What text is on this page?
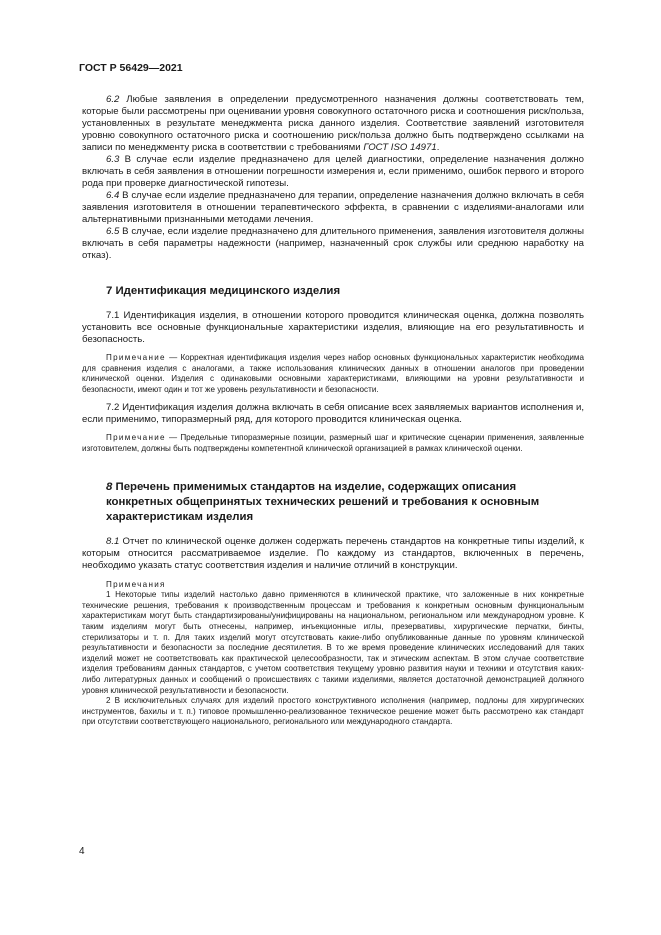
ГОСТ Р 56429—2021

6.2 Любые заявления в определении предусмотренного назначения должны соответствовать тем, которые были рассмотрены при оценивании уровня совокупного остаточного риска и соотношения риск/польза, установленных в результате менеджмента риска данного изделия. Соответствие заявлений изготовителя уровню совокупного остаточного риска и соотношению риск/польза должно быть подтверждено ссылками на записи по менеджменту риска в соответствии с требованиями ГОСТ ISO 14971.

6.3 В случае если изделие предназначено для целей диагностики, определение назначения должно включать в себя заявления в отношении погрешности измерения и, если применимо, ошибок первого и второго рода при проверке диагностической гипотезы.

6.4 В случае если изделие предназначено для терапии, определение назначения должно включать в себя заявления изготовителя в отношении терапевтического эффекта, в сравнении с изделиями-аналогами или альтернативными признанными методами лечения.

6.5 В случае, если изделие предназначено для длительного применения, заявления изготовителя должны включать в себя параметры надежности (например, назначенный срок службы или среднюю наработку на отказ).

7 Идентификация медицинского изделия

7.1 Идентификация изделия, в отношении которого проводится клиническая оценка, должна позволять установить все основные функциональные характеристики изделия, влияющие на его результативность и безопасность.

Примечание — Корректная идентификация изделия через набор основных функциональных характеристик необходима для сравнения изделия с аналогами, а также использования клинических данных в отношении аналогов при проведении клинической оценки. Изделия с одинаковыми основными характеристиками, влияющими на уровни результативности и безопасности, имеют один и тот же уровень результативности и безопасности.

7.2 Идентификация изделия должна включать в себя описание всех заявляемых вариантов исполнения и, если применимо, типоразмерный ряд, для которого проводится клиническая оценка.

Примечание — Предельные типоразмерные позиции, размерный шаг и критические сценарии применения, заявленные изготовителем, должны быть подтверждены компетентной клинической организацией в рамках клинической оценки.

8 Перечень применимых стандартов на изделие, содержащих описания

конкретных общепринятых технических решений и требования к основным

характеристикам изделия

8.1 Отчет по клинической оценке должен содержать перечень стандартов на конкретные типы изделий, к которым относится рассматриваемое изделие. По каждому из стандартов, включенных в перечень, необходимо указать статус соответствия изделия и наличие отличий в конструкции.

Примечания

1 Некоторые типы изделий настолько давно применяются в клинической практике, что заложенные в них конкретные технические решения, требования к производственным процессам и требования к конкретным основным функциональным характеристикам могут быть стандартизированы/унифицированы на национальном, региональном или международном уровне. К таким изделиям могут быть отнесены, например, инъекционные иглы, презервативы, хирургические перчатки, бинты, стерилизаторы и т. п. Для таких изделий могут отсутствовать какие-либо опубликованные данные по уровням клинической результативности и безопасности за последние десятилетия. В то же время проведение клинических исследований для таких изделий может не соответствовать как практической целесообразности, так и этическим аспектам. В этом случае соответствие изделия требованиям данных стандартов, с учетом соответствия текущему уровню развития науки и техники и отсутствия каких-либо литературных данных и сообщений о происшествиях с такими изделиями, является достаточной демонстрацией должного уровня клинической результативности и безопасности.

2 В исключительных случаях для изделий простого конструктивного исполнения (например, подлоны для хирургических инструментов, бахилы и т. п.) типовое промышленно-реализованное техническое решение может быть рассмотрено как стандарт при отсутствии соответствующего национального, регионального или международного стандарта.

4
